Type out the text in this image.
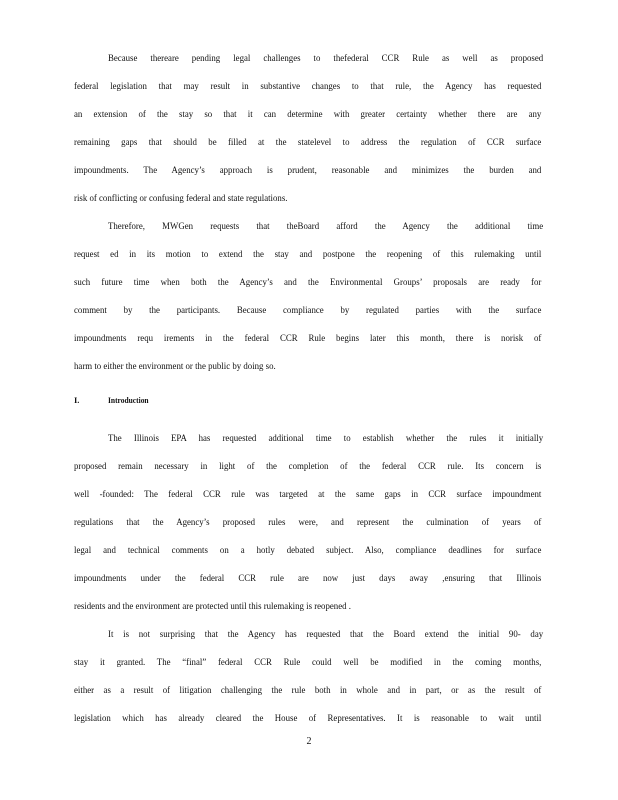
Because thereare pending legal challenges to thefederal CCR Rule as well as proposed
federal legislation that may result in substantive changes to that rule, the Agency has requested
an extension of the stay so that it can determine with greater certainty whether there are any
remaining gaps that should be filled at the statelevel to address the regulation of CCR surface
impoundments. The Agency’s approach is prudent, reasonable and minimizes the burden and
risk of conflicting or confusing federal and state regulations.
Therefore, MWGen requests that theBoard afford the Agency the additional time
request ed in its motion to extend the stay and postpone the reopening of this rulemaking until
such future time when both the Agency’s and the Environmental Groups’ proposals are ready for
comment by the participants. Because compliance by regulated parties with the surface
impoundments requ irements in the federal CCR Rule begins later this month, there is norisk of
harm to either the environment or the public by doing so.
I.	Introduction
The Illinois EPA has requested additional time to establish whether the rules it initially
proposed remain necessary in light of the completion of the federal CCR rule. Its concern is
well -founded: The federal CCR rule was targeted at the same gaps in CCR surface impoundment
regulations that the Agency’s proposed rules were, and represent the culmination of years of
legal and technical comments on a hotly debated subject. Also, compliance deadlines for surface
impoundments under the federal CCR rule are now just days away ,ensuring that Illinois
residents and the environment are protected until this rulemaking is reopened .
It is not surprising that the Agency has requested that the Board extend the initial 90- day
stay it granted. The “final” federal CCR Rule could well be modified in the coming months,
either as a result of litigation challenging the rule both in whole and in part, or as the result of
legislation which has already cleared the House of Representatives. It is reasonable to wait until
2
